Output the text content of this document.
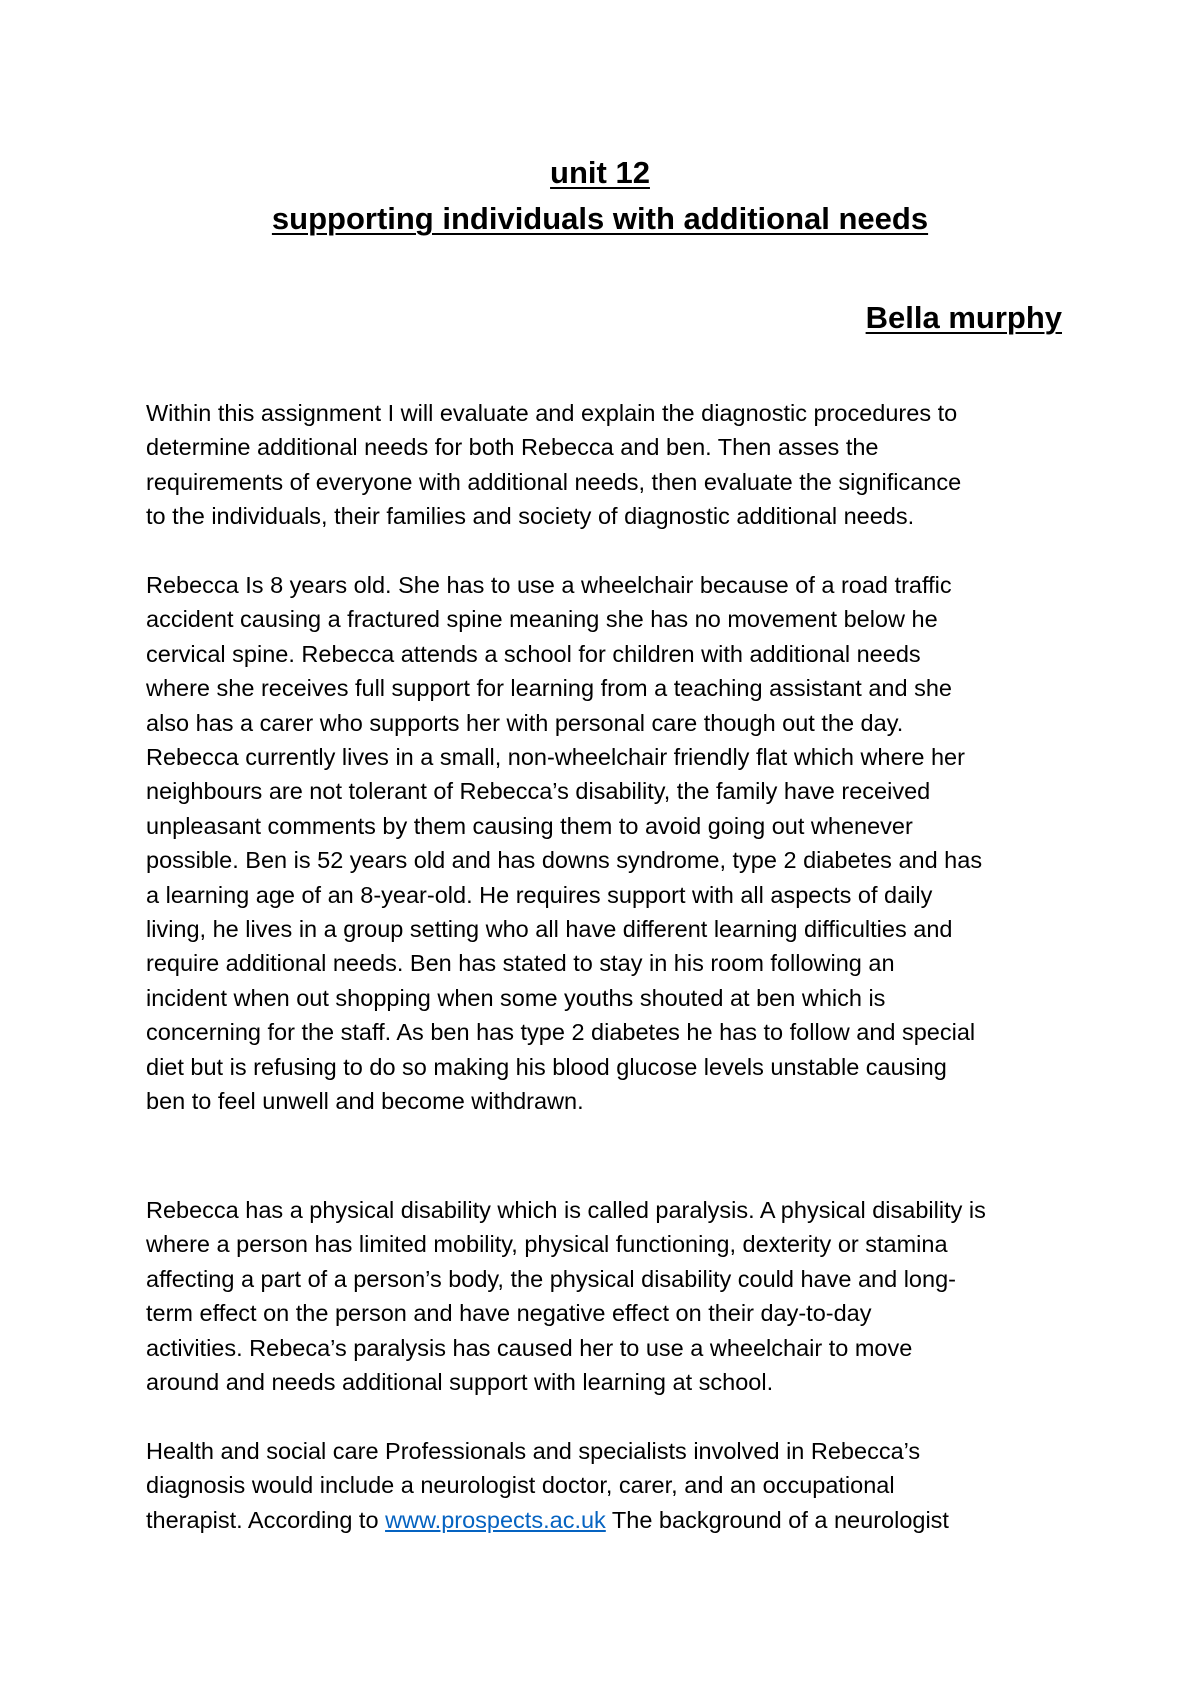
unit 12
supporting individuals with additional needs
Bella murphy
Within this assignment I will evaluate and explain the diagnostic procedures to
determine additional needs for both Rebecca and ben. Then asses the
requirements of everyone with additional needs, then evaluate the significance
to the individuals, their families and society of diagnostic additional needs.
Rebecca Is 8 years old. She has to use a wheelchair because of a road traffic
accident causing a fractured spine meaning she has no movement below he
cervical spine. Rebecca attends a school for children with additional needs
where she receives full support for learning from a teaching assistant and she
also has a carer who supports her with personal care though out the day.
Rebecca currently lives in a small, non-wheelchair friendly flat which where her
neighbours are not tolerant of Rebecca’s disability, the family have received
unpleasant comments by them causing them to avoid going out whenever
possible. Ben is 52 years old and has downs syndrome, type 2 diabetes and has
a learning age of an 8-year-old. He requires support with all aspects of daily
living, he lives in a group setting who all have different learning difficulties and
require additional needs. Ben has stated to stay in his room following an
incident when out shopping when some youths shouted at ben which is
concerning for the staff. As ben has type 2 diabetes he has to follow and special
diet but is refusing to do so making his blood glucose levels unstable causing
ben to feel unwell and become withdrawn.
Rebecca has a physical disability which is called paralysis. A physical disability is
where a person has limited mobility, physical functioning, dexterity or stamina
affecting a part of a person’s body, the physical disability could have and long-
term effect on the person and have negative effect on their day-to-day
activities. Rebeca’s paralysis has caused her to use a wheelchair to move
around and needs additional support with learning at school.
Health and social care Professionals and specialists involved in Rebecca’s
diagnosis would include a neurologist doctor, carer, and an occupational
therapist. According to www.prospects.ac.uk The background of a neurologist
